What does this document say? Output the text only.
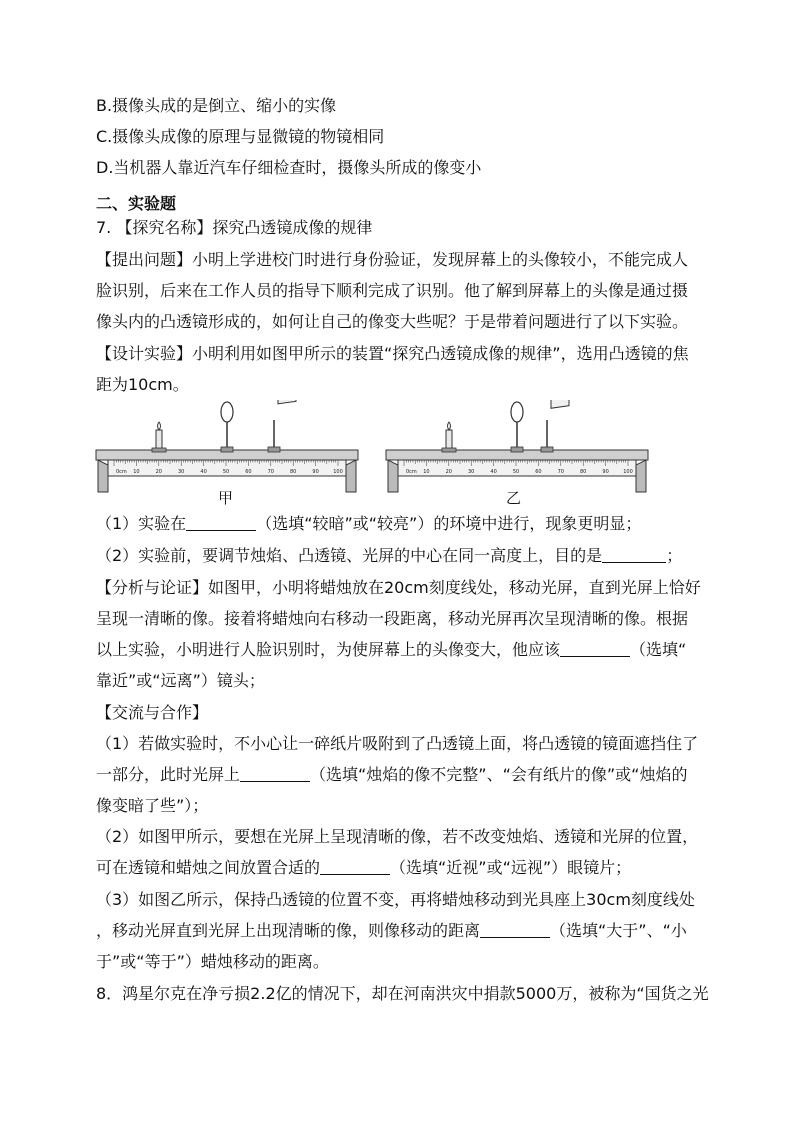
B.摄像头成的是倒立、缩小的实像
C.摄像头成像的原理与显微镜的物镜相同
D.当机器人靠近汽车仔细检查时，摄像头所成的像变小
二、实验题
7. 【探究名称】探究凸透镜成像的规律
【提出问题】小明上学进校门时进行身份验证，发现屏幕上的头像较小，不能完成人
脸识别，后来在工作人员的指导下顺利完成了识别。他了解到屏幕上的头像是通过摄
像头内的凸透镜形成的，如何让自己的像变大些呢？于是带着问题进行了以下实验。
【设计实验】小明利用如图甲所示的装置“探究凸透镜成像的规律”，选用凸透镜的焦
距为10cm。
0cm 10	20	30	40	50	60	70	80	90	100	0cm 10	20	30	40	50	60	70	80	90	100
甲	乙
（1）实验在	（选填“较暗”或“较亮”）的环境中进行，现象更明显；
（2）实验前，要调节烛焰、凸透镜、光屏的中心在同一高度上，目的是	；
【分析与论证】如图甲，小明将蜡烛放在20cm刻度线处，移动光屏，直到光屏上恰好
呈现一清晰的像。接着将蜡烛向右移动一段距离，移动光屏再次呈现清晰的像。根据
以上实验，小明进行人脸识别时，为使屏幕上的头像变大，他应该	（选填“
靠近”或“远离”）镜头；
【交流与合作】
（1）若做实验时，不小心让一碎纸片吸附到了凸透镜上面，将凸透镜的镜面遮挡住了
一部分，此时光屏上	（选填“烛焰的像不完整”、“会有纸片的像”或“烛焰的
像变暗了些”）；
（2）如图甲所示，要想在光屏上呈现清晰的像，若不改变烛焰、透镜和光屏的位置，
可在透镜和蜡烛之间放置合适的	（选填“近视”或“远视”）眼镜片；
（3）如图乙所示，保持凸透镜的位置不变，再将蜡烛移动到光具座上30cm刻度线处
，移动光屏直到光屏上出现清晰的像，则像移动的距离	（选填“大于”、“小
于”或“等于”）蜡烛移动的距离。
8．鸿星尔克在净亏损2.2亿的情况下，却在河南洪灾中捐款5000万，被称为“国货之光
